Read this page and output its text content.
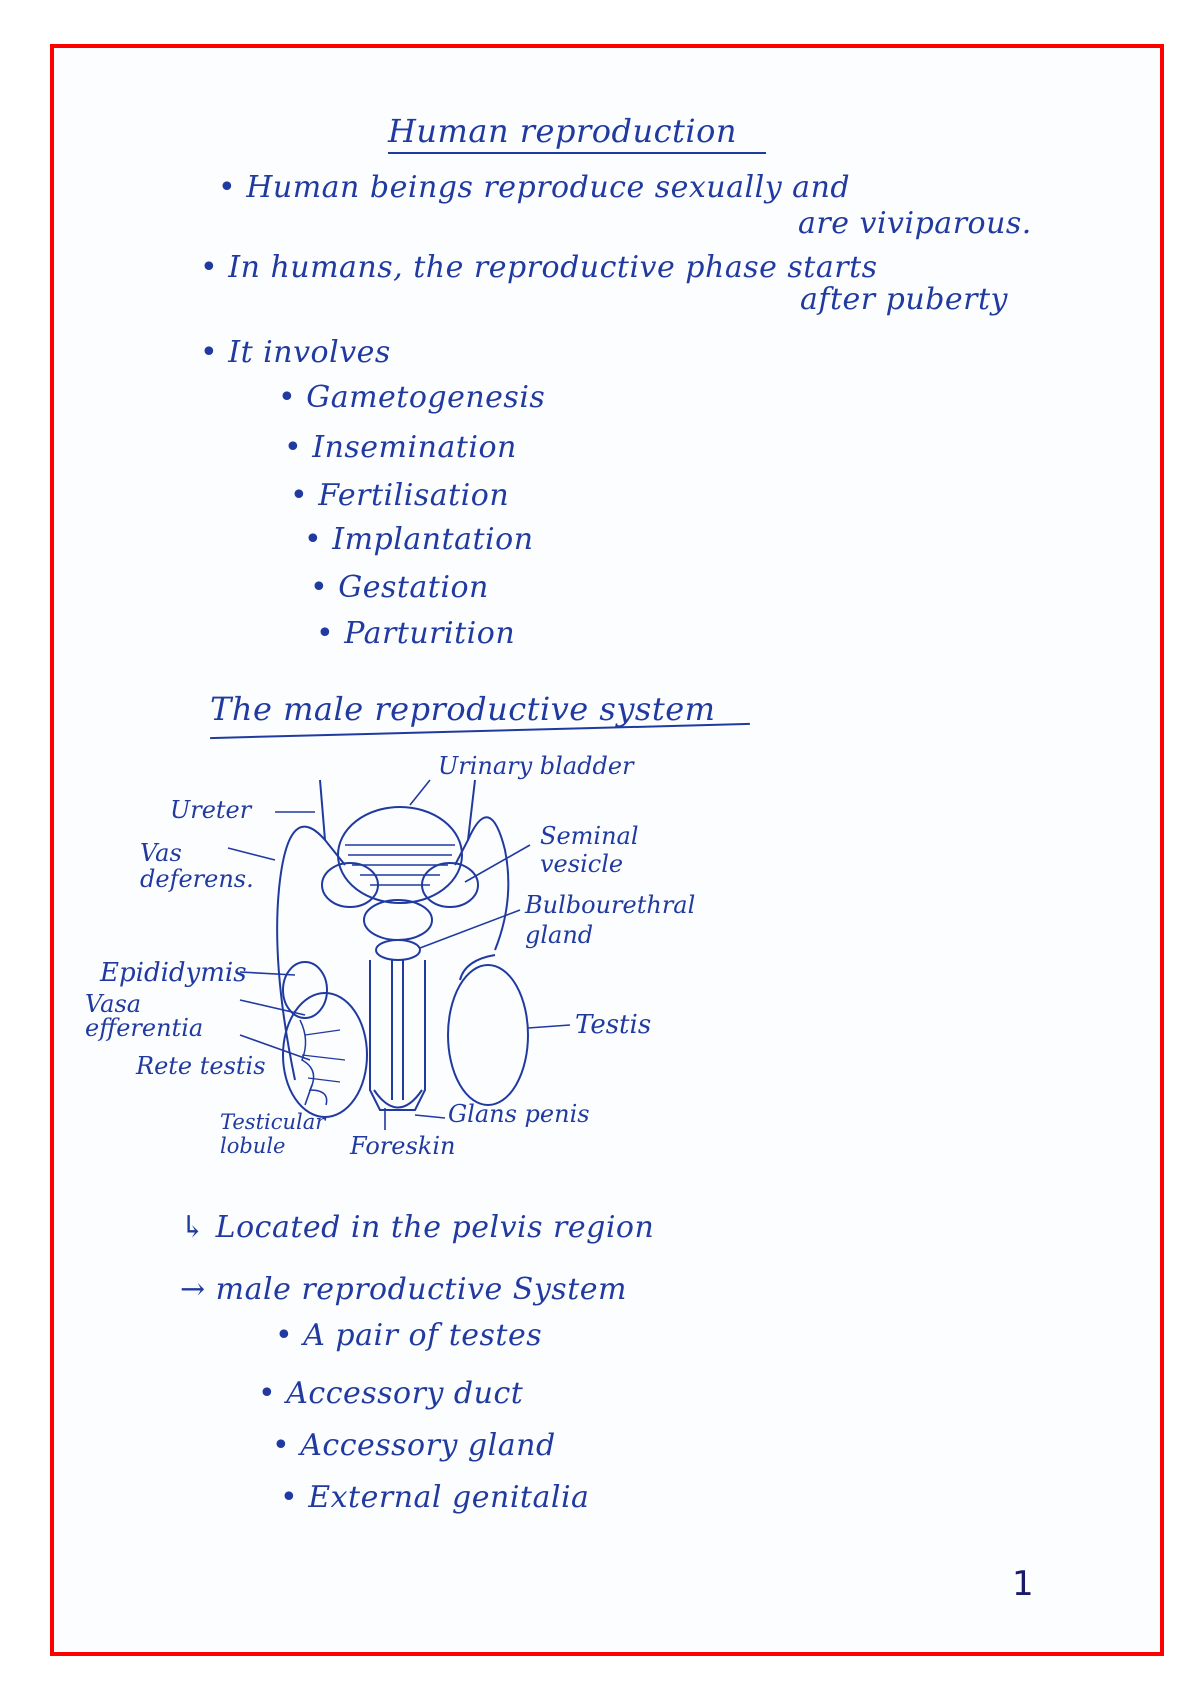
Human reproduction
• Human beings reproduce sexually and
are viviparous.
• In humans, the reproductive phase starts
after puberty
• It involves
• Gametogenesis
• Insemination
• Fertilisation
• Implantation
• Gestation
• Parturition
The male reproductive system
Urinary bladder
Ureter
Vas deferens.
Seminal vesicle
Bulbourethral gland
Epididymis
Vasa efferentia
Rete testis
Testicular lobule	Foreskin
Glans penis
Testis
↳ Located in the pelvis region
→ male reproductive System
• A pair of testes
• Accessory duct
• Accessory gland
• External genitalia
1
